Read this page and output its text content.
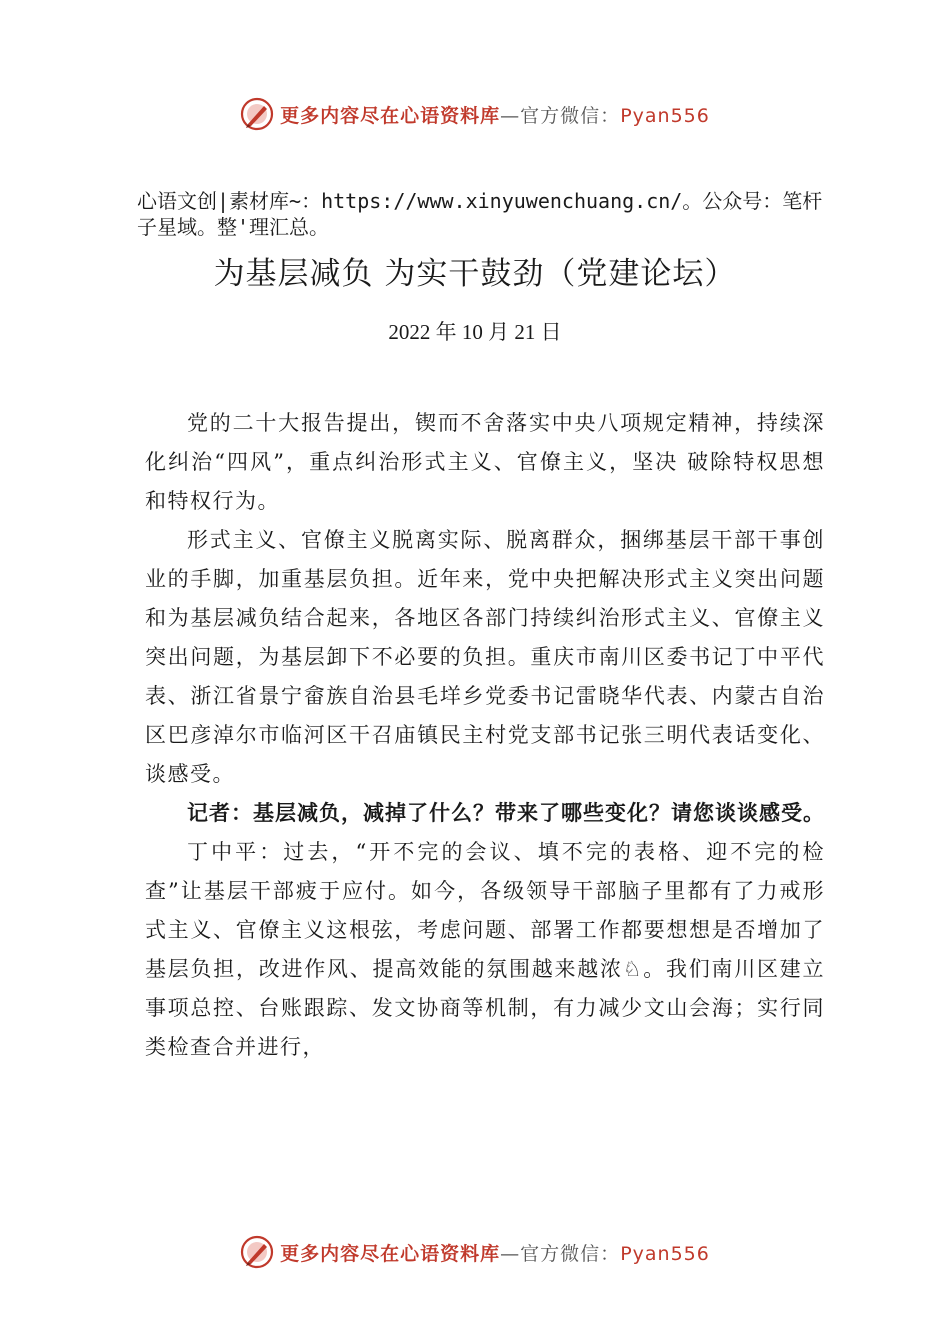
更多内容尽在心语资料库—官方微信：Pyan556
心语文创|素材库~：https://www.xinyuwenchuang.cn/。公众号：笔杆子星域。整'理汇总。
为基层减负 为实干鼓劲（党建论坛）
2022 年 10 月 21 日

党的二十大报告提出，锲而不舍落实中央八项规定精神，持续深化纠治“四风”，重点纠治形式主义、官僚主义，坚决 破除特权思想和特权行为。

形式主义、官僚主义脱离实际、脱离群众，捆绑基层干部干事创业的手脚，加重基层负担。近年来，党中央把解决形式主义突出问题和为基层减负结合起来，各地区各部门持续纠治形式主义、官僚主义突出问题，为基层卸下不必要的负担。重庆市南川区委书记丁中平代表、浙江省景宁畲族自治县毛垟乡党委书记雷晓华代表、内蒙古自治区巴彦淖尔市临河区干召庙镇民主村党支部书记张三明代表话变化、谈感受。

记者：基层减负，减掉了什么？带来了哪些变化？请您谈谈感受。

丁中平：过去，“开不完的会议、填不完的表格、迎不完的检查”让基层干部疲于应付。如今，各级领导干部脑子里都有了力戒形式主义、官僚主义这根弦，考虑问题、部署工作都要想想是否增加了基层负担，改进作风、提高效能的氛围越来越浓♘。我们南川区建立事项总控、台账跟踪、发文协商等机制，有力减少文山会海；实行同类检查合并进行，

更多内容尽在心语资料库—官方微信：Pyan556
